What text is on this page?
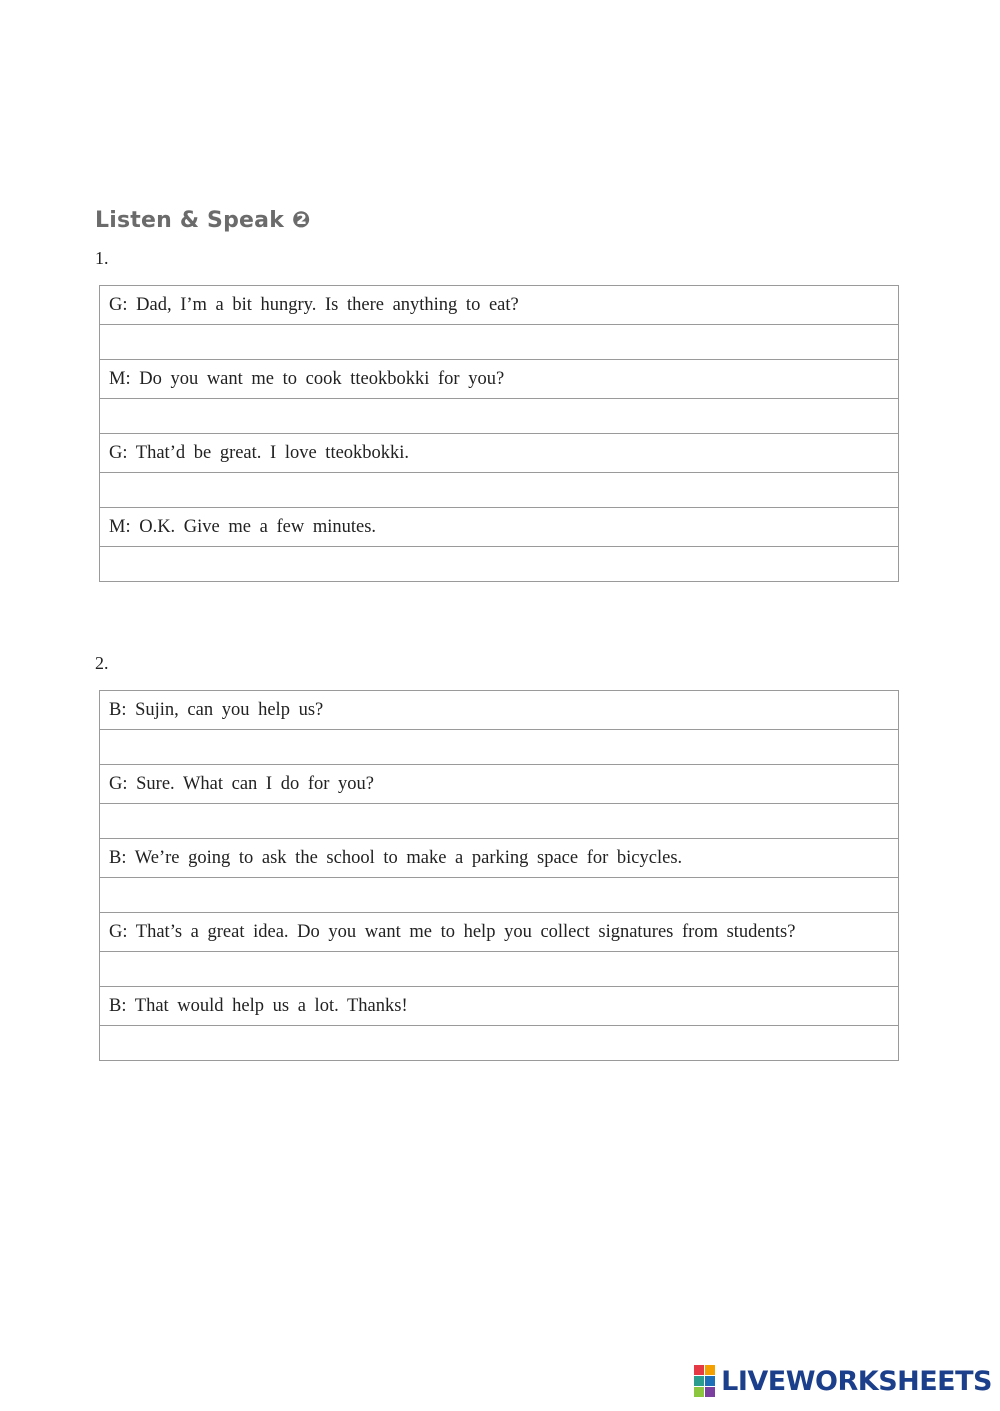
Listen & Speak ❷
1.
G: Dad, I’m a bit hungry. Is there anything to eat?

M: Do you want me to cook tteokbokki for you?

G: That’d be great. I love tteokbokki.

M: O.K. Give me a few minutes.

2.
B: Sujin, can you help us?

G: Sure. What can I do for you?

B: We’re going to ask the school to make a parking space for bicycles.

G: That’s a great idea. Do you want me to help you collect signatures from students?

B: That would help us a lot. Thanks!

LIVEWORKSHEETS
